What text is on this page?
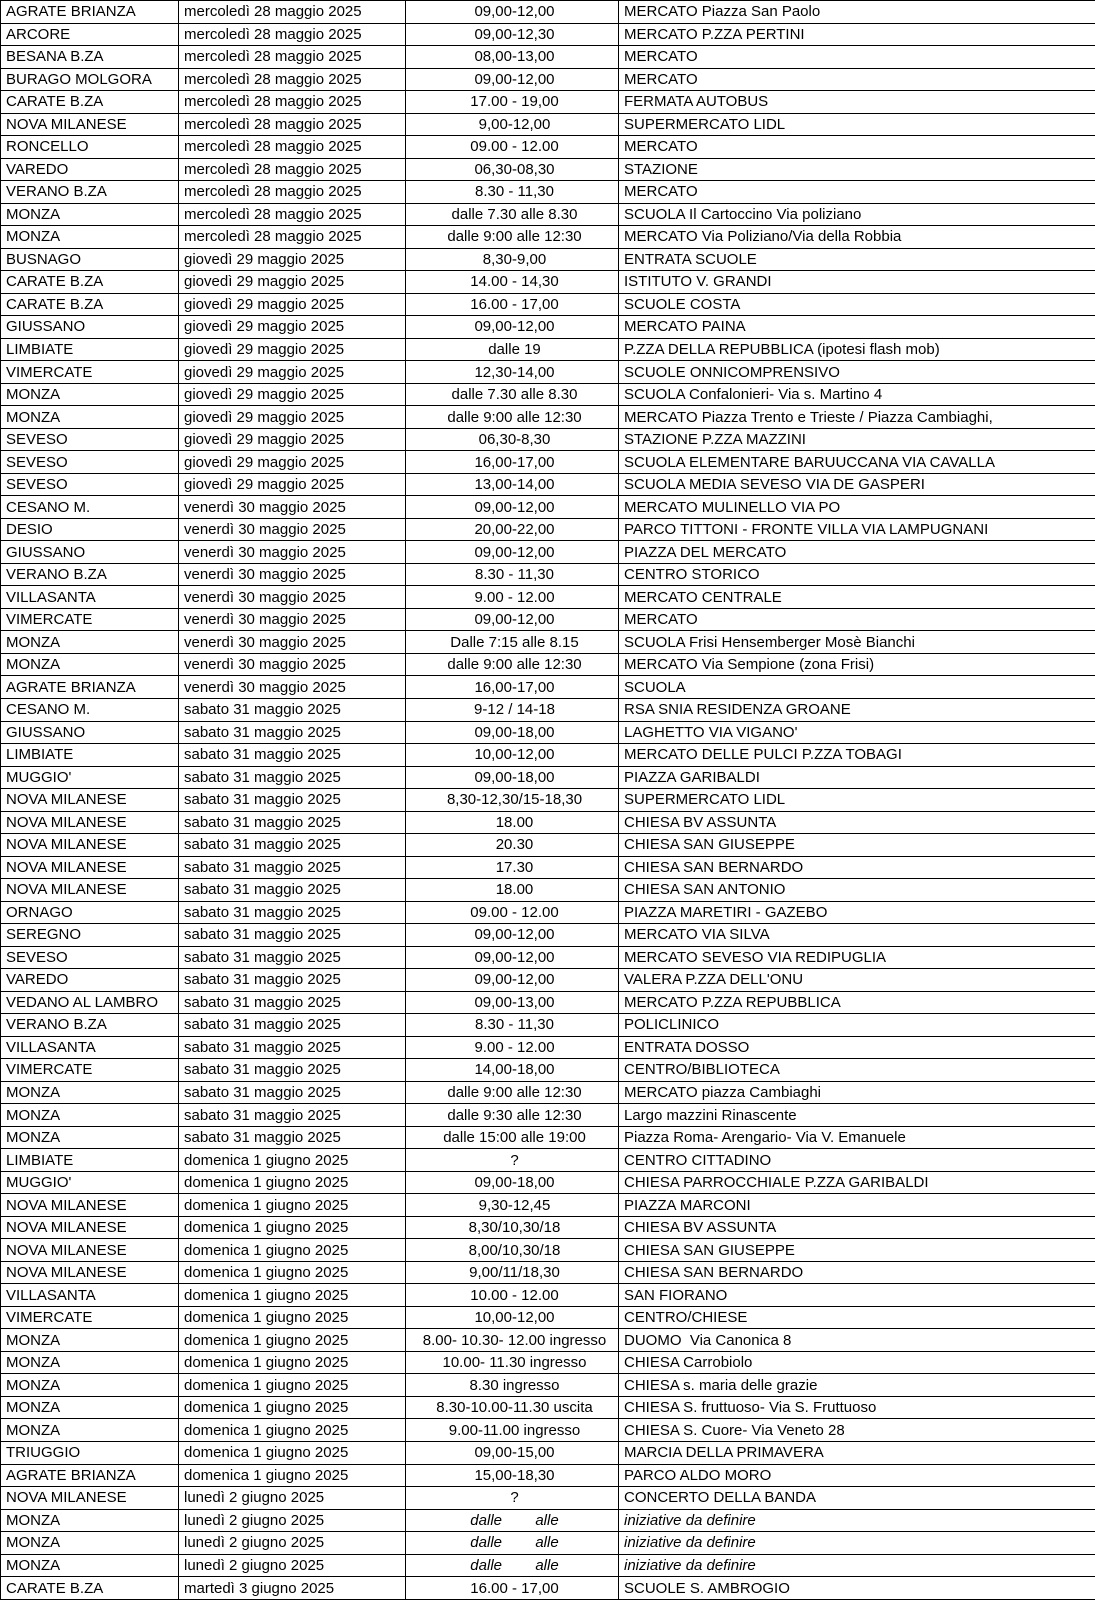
AGRATE BRIANZA	mercoledì 28 maggio 2025	09,00-12,00	MERCATO Piazza San Paolo
ARCORE	mercoledì 28 maggio 2025	09,00-12,30	MERCATO P.ZZA PERTINI
BESANA B.ZA	mercoledì 28 maggio 2025	08,00-13,00	MERCATO
BURAGO MOLGORA	mercoledì 28 maggio 2025	09,00-12,00	MERCATO
CARATE B.ZA	mercoledì 28 maggio 2025	17.00 - 19,00	FERMATA AUTOBUS
NOVA MILANESE	mercoledì 28 maggio 2025	9,00-12,00	SUPERMERCATO LIDL
RONCELLO	mercoledì 28 maggio 2025	09.00 - 12.00	MERCATO
VAREDO	mercoledì 28 maggio 2025	06,30-08,30	STAZIONE
VERANO B.ZA	mercoledì 28 maggio 2025	8.30 - 11,30	MERCATO
MONZA	mercoledì 28 maggio 2025	dalle 7.30 alle 8.30	SCUOLA Il Cartoccino Via poliziano
MONZA	mercoledì 28 maggio 2025	dalle 9:00 alle 12:30	MERCATO Via Poliziano/Via della Robbia
BUSNAGO	giovedì 29 maggio 2025	8,30-9,00	ENTRATA SCUOLE
CARATE B.ZA	giovedì 29 maggio 2025	14.00 - 14,30	ISTITUTO V. GRANDI
CARATE B.ZA	giovedì 29 maggio 2025	16.00 - 17,00	SCUOLE COSTA
GIUSSANO	giovedì 29 maggio 2025	09,00-12,00	MERCATO PAINA
LIMBIATE	giovedì 29 maggio 2025	dalle 19	P.ZZA DELLA REPUBBLICA (ipotesi flash mob)
VIMERCATE	giovedì 29 maggio 2025	12,30-14,00	SCUOLE ONNICOMPRENSIVO
MONZA	giovedì 29 maggio 2025	dalle 7.30 alle 8.30	SCUOLA Confalonieri- Via s. Martino 4
MONZA	giovedì 29 maggio 2025	dalle 9:00 alle 12:30	MERCATO Piazza Trento e Trieste / Piazza Cambiaghi,
SEVESO	giovedì 29 maggio 2025	06,30-8,30	STAZIONE P.ZZA MAZZINI
SEVESO	giovedì 29 maggio 2025	16,00-17,00	SCUOLA ELEMENTARE BARUUCCANA VIA CAVALLA
SEVESO	giovedì 29 maggio 2025	13,00-14,00	SCUOLA MEDIA SEVESO VIA DE GASPERI
CESANO M.	venerdì 30 maggio 2025	09,00-12,00	MERCATO MULINELLO VIA PO
DESIO	venerdì 30 maggio 2025	20,00-22,00	PARCO TITTONI - FRONTE VILLA VIA LAMPUGNANI
GIUSSANO	venerdì 30 maggio 2025	09,00-12,00	PIAZZA DEL MERCATO
VERANO B.ZA	venerdì 30 maggio 2025	8.30 - 11,30	CENTRO STORICO
VILLASANTA	venerdì 30 maggio 2025	9.00 - 12.00	MERCATO CENTRALE
VIMERCATE	venerdì 30 maggio 2025	09,00-12,00	MERCATO
MONZA	venerdì 30 maggio 2025	Dalle 7:15 alle 8.15	SCUOLA Frisi Hensemberger Mosè Bianchi
MONZA	venerdì 30 maggio 2025	dalle 9:00 alle 12:30	MERCATO Via Sempione (zona Frisi)
AGRATE BRIANZA	venerdì 30 maggio 2025	16,00-17,00	SCUOLA
CESANO M.	sabato 31 maggio 2025	9-12 / 14-18	RSA SNIA RESIDENZA GROANE
GIUSSANO	sabato 31 maggio 2025	09,00-18,00	LAGHETTO VIA VIGANO'
LIMBIATE	sabato 31 maggio 2025	10,00-12,00	MERCATO DELLE PULCI P.ZZA TOBAGI
MUGGIO'	sabato 31 maggio 2025	09,00-18,00	PIAZZA GARIBALDI
NOVA MILANESE	sabato 31 maggio 2025	8,30-12,30/15-18,30	SUPERMERCATO LIDL
NOVA MILANESE	sabato 31 maggio 2025	18.00	CHIESA BV ASSUNTA
NOVA MILANESE	sabato 31 maggio 2025	20.30	CHIESA SAN GIUSEPPE
NOVA MILANESE	sabato 31 maggio 2025	17.30	CHIESA SAN BERNARDO
NOVA MILANESE	sabato 31 maggio 2025	18.00	CHIESA SAN ANTONIO
ORNAGO	sabato 31 maggio 2025	09.00 - 12.00	PIAZZA MARETIRI - GAZEBO
SEREGNO	sabato 31 maggio 2025	09,00-12,00	MERCATO VIA SILVA
SEVESO	sabato 31 maggio 2025	09,00-12,00	MERCATO SEVESO VIA REDIPUGLIA
VAREDO	sabato 31 maggio 2025	09,00-12,00	VALERA P.ZZA DELL'ONU
VEDANO AL LAMBRO	sabato 31 maggio 2025	09,00-13,00	MERCATO P.ZZA REPUBBLICA
VERANO B.ZA	sabato 31 maggio 2025	8.30 - 11,30	POLICLINICO
VILLASANTA	sabato 31 maggio 2025	9.00 - 12.00	ENTRATA DOSSO
VIMERCATE	sabato 31 maggio 2025	14,00-18,00	CENTRO/BIBLIOTECA
MONZA	sabato 31 maggio 2025	dalle 9:00 alle 12:30	MERCATO piazza Cambiaghi
MONZA	sabato 31 maggio 2025	dalle 9:30 alle 12:30	Largo mazzini Rinascente
MONZA	sabato 31 maggio 2025	dalle 15:00 alle 19:00	Piazza Roma- Arengario- Via V. Emanuele
LIMBIATE	domenica 1 giugno 2025	?	CENTRO CITTADINO
MUGGIO'	domenica 1 giugno 2025	09,00-18,00	CHIESA PARROCCHIALE P.ZZA GARIBALDI
NOVA MILANESE	domenica 1 giugno 2025	9,30-12,45	PIAZZA MARCONI
NOVA MILANESE	domenica 1 giugno 2025	8,30/10,30/18	CHIESA BV ASSUNTA
NOVA MILANESE	domenica 1 giugno 2025	8,00/10,30/18	CHIESA SAN GIUSEPPE
NOVA MILANESE	domenica 1 giugno 2025	9,00/11/18,30	CHIESA SAN BERNARDO
VILLASANTA	domenica 1 giugno 2025	10.00 - 12.00	SAN FIORANO
VIMERCATE	domenica 1 giugno 2025	10,00-12,00	CENTRO/CHIESE
MONZA	domenica 1 giugno 2025	8.00- 10.30- 12.00 ingresso	DUOMO  Via Canonica 8
MONZA	domenica 1 giugno 2025	10.00- 11.30 ingresso	CHIESA Carrobiolo
MONZA	domenica 1 giugno 2025	8.30 ingresso	CHIESA s. maria delle grazie
MONZA	domenica 1 giugno 2025	8.30-10.00-11.30 uscita	CHIESA S. fruttuoso- Via S. Fruttuoso
MONZA	domenica 1 giugno 2025	9.00-11.00 ingresso	CHIESA S. Cuore- Via Veneto 28
TRIUGGIO	domenica 1 giugno 2025	09,00-15,00	MARCIA DELLA PRIMAVERA
AGRATE BRIANZA	domenica 1 giugno 2025	15,00-18,30	PARCO ALDO MORO
NOVA MILANESE	lunedì 2 giugno 2025	?	CONCERTO DELLA BANDA
MONZA	lunedì 2 giugno 2025	dalle        alle	iniziative da definire
MONZA	lunedì 2 giugno 2025	dalle        alle	iniziative da definire
MONZA	lunedì 2 giugno 2025	dalle        alle	iniziative da definire
CARATE B.ZA	martedì 3 giugno 2025	16.00 - 17,00	SCUOLE S. AMBROGIO
